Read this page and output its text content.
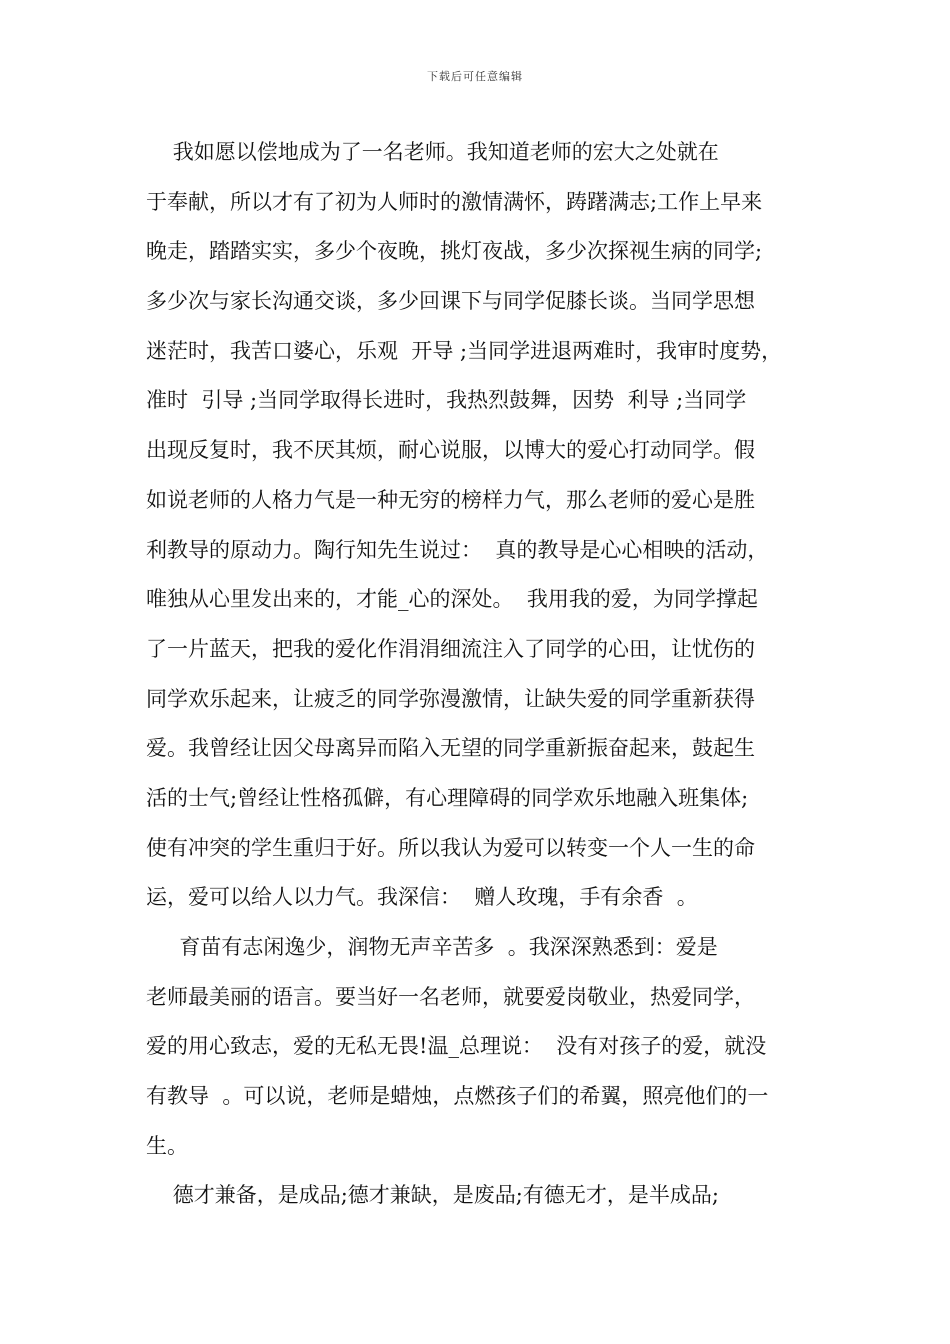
下载后可任意编辑
我如愿以偿地成为了一名老师。我知道老师的宏大之处就在
于奉献，所以才有了初为人师时的激情满怀，踌躇满志;工作上早来
晚走，踏踏实实，多少个夜晚，挑灯夜战，多少次探视生病的同学;
多少次与家长沟通交谈，多少回课下与同学促膝长谈。当同学思想
迷茫时，我苦口婆心，乐观  开导 ;当同学进退两难时，我审时度势，
准时  引导 ;当同学取得长进时，我热烈鼓舞，因势  利导 ;当同学
出现反复时，我不厌其烦，耐心说服，以博大的爱心打动同学。假
如说老师的人格力气是一种无穷的榜样力气，那么老师的爱心是胜
利教导的原动力。陶行知先生说过：  真的教导是心心相映的活动，
唯独从心里发出来的，才能_心的深处。  我用我的爱，为同学撑起
了一片蓝天，把我的爱化作涓涓细流注入了同学的心田，让忧伤的
同学欢乐起来，让疲乏的同学弥漫激情，让缺失爱的同学重新获得
爱。我曾经让因父母离异而陷入无望的同学重新振奋起来，鼓起生
活的士气;曾经让性格孤僻，有心理障碍的同学欢乐地融入班集体;
使有冲突的学生重归于好。所以我认为爱可以转变一个人一生的命
运，爱可以给人以力气。我深信：  赠人玫瑰，手有余香  。
育苗有志闲逸少，润物无声辛苦多  。我深深熟悉到：爱是
老师最美丽的语言。要当好一名老师，就要爱岗敬业，热爱同学，
爱的用心致志，爱的无私无畏!温_总理说：  没有对孩子的爱，就没
有教导  。可以说，老师是蜡烛，点燃孩子们的希翼，照亮他们的一
生。
德才兼备，是成品;德才兼缺，是废品;有德无才，是半成品;
